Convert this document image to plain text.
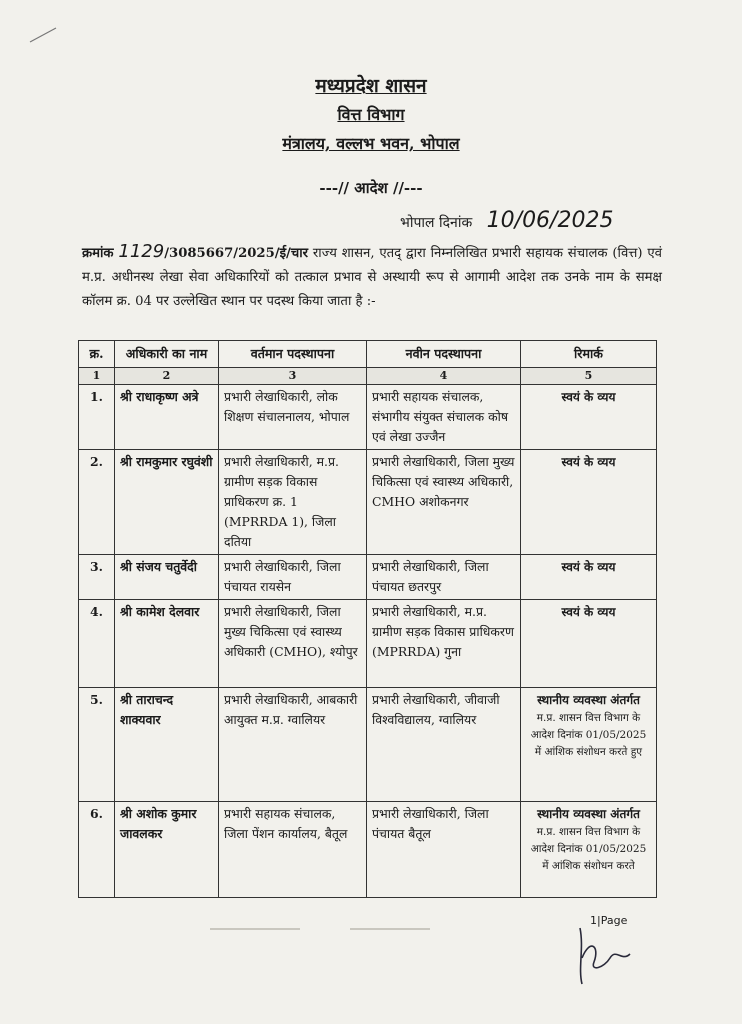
मध्यप्रदेश शासन
वित्त विभाग
मंत्रालय, वल्लभ भवन, भोपाल
---// आदेश //---
भोपाल दिनांक 10/06/2025
क्रमांक 1129/3085667/2025/ई/चार राज्य शासन, एतद् द्वारा निम्नलिखित प्रभारी सहायक संचालक (वित्त) एवं म.प्र. अधीनस्थ लेखा सेवा अधिकारियों को तत्काल प्रभाव से अस्थायी रूप से आगामी आदेश तक उनके नाम के समक्ष कॉलम क्र. 04 पर उल्लेखित स्थान पर पदस्थ किया जाता है :-
क्र.	अधिकारी का नाम	वर्तमान पदस्थापना	नवीन पदस्थापना	रिमार्क
1	2	3	4	5
1.	श्री राधाकृष्ण अत्रे	प्रभारी लेखाधिकारी, लोक शिक्षण संचालनालय, भोपाल	प्रभारी सहायक संचालक, संभागीय संयुक्त संचालक कोष एवं लेखा उज्जैन	स्वयं के व्यय
2.	श्री रामकुमार रघुवंशी	प्रभारी लेखाधिकारी, म.प्र. ग्रामीण सड़क विकास प्राधिकरण क्र. 1 (MPRRDA 1), जिला दतिया	प्रभारी लेखाधिकारी, जिला मुख्य चिकित्सा एवं स्वास्थ्य अधिकारी, CMHO अशोकनगर	स्वयं के व्यय
3.	श्री संजय चतुर्वेदी	प्रभारी लेखाधिकारी, जिला पंचायत रायसेन	प्रभारी लेखाधिकारी, जिला पंचायत छतरपुर	स्वयं के व्यय
4.	श्री कामेश देलवार	प्रभारी लेखाधिकारी, जिला मुख्य चिकित्सा एवं स्वास्थ्य अधिकारी (CMHO), श्योपुर	प्रभारी लेखाधिकारी, म.प्र. ग्रामीण सड़क विकास प्राधिकरण (MPRRDA) गुना	स्वयं के व्यय
5.	श्री ताराचन्द शाक्यवार	प्रभारी लेखाधिकारी, आबकारी आयुक्त म.प्र. ग्वालियर	प्रभारी लेखाधिकारी, जीवाजी विश्वविद्यालय, ग्वालियर	स्थानीय व्यवस्था अंतर्गत
म.प्र. शासन वित्त विभाग के आदेश दिनांक 01/05/2025 में आंशिक संशोधन करते हुए

6.	श्री अशोक कुमार जावलकर	प्रभारी सहायक संचालक, जिला पेंशन कार्यालय, बैतूल	प्रभारी लेखाधिकारी, जिला पंचायत बैतूल	स्थानीय व्यवस्था अंतर्गत
म.प्र. शासन वित्त विभाग के आदेश दिनांक 01/05/2025 में आंशिक संशोधन करते
1|Page
